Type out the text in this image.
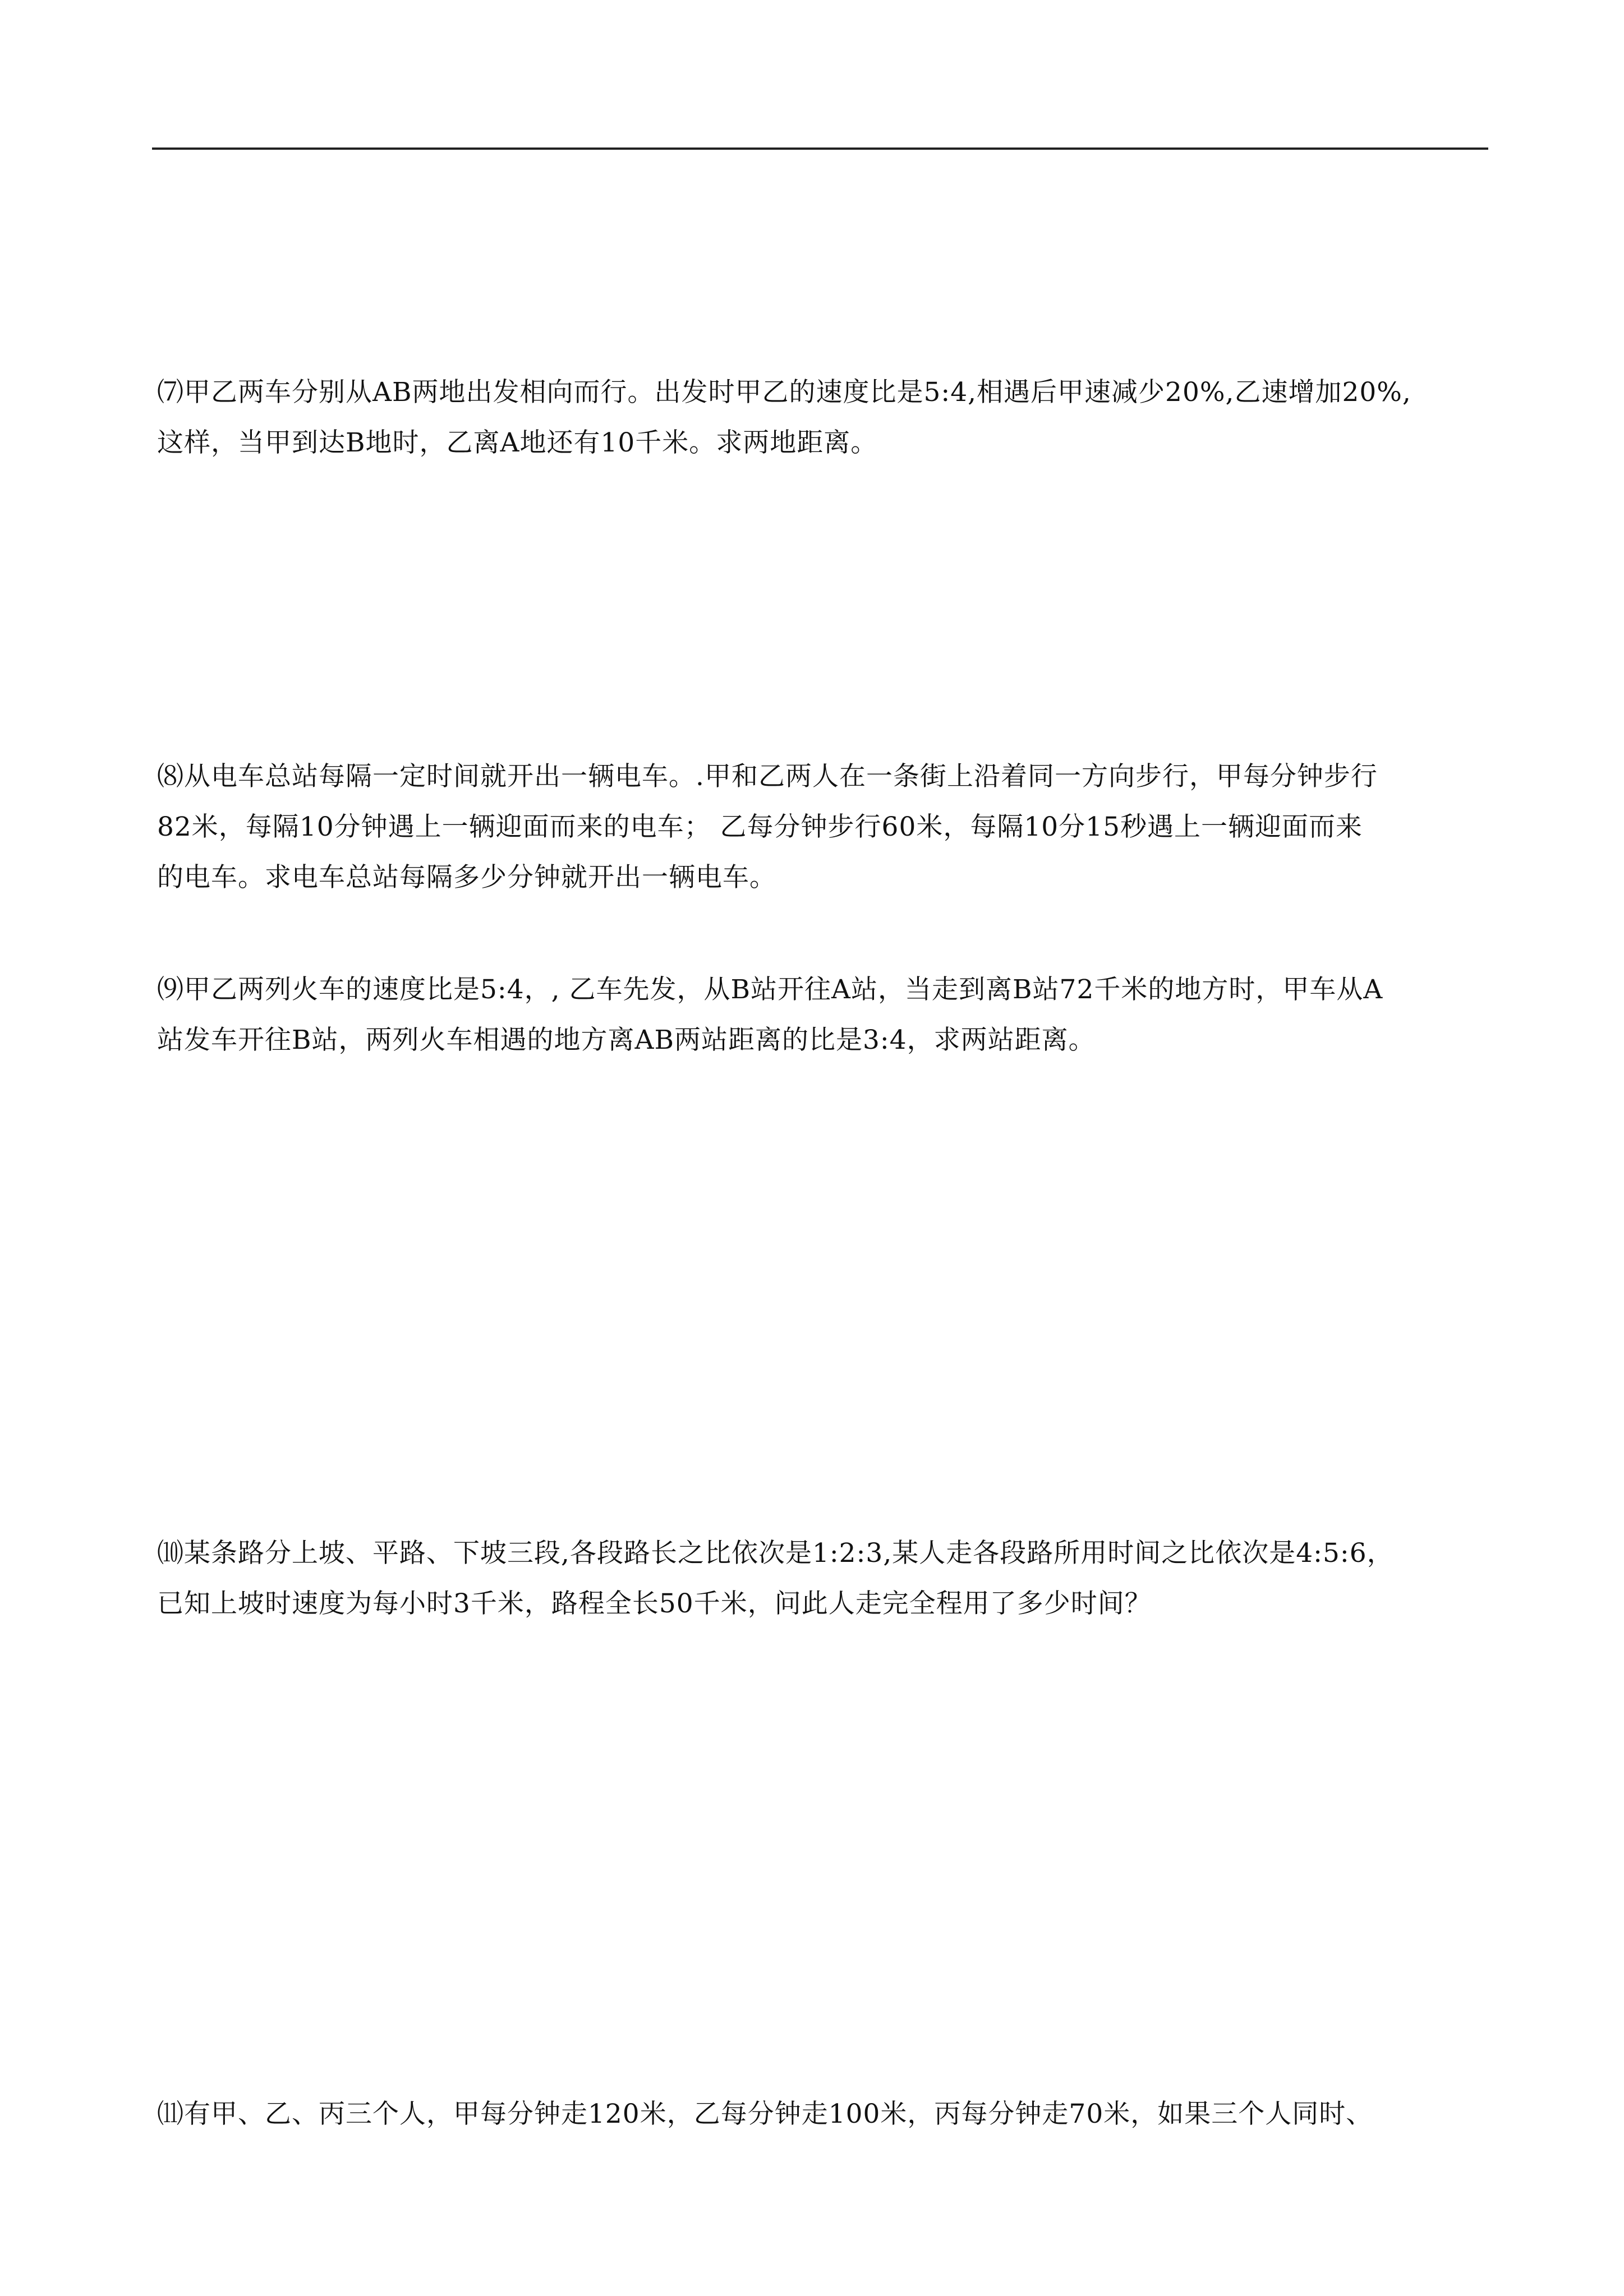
⑺甲乙两车分别从AB两地出发相向而行。出发时甲乙的速度比是5:4,相遇后甲速减少20%,乙速增加20%,
这样，当甲到达B地时，乙离A地还有10千米。求两地距离。

⑻从电车总站每隔一定时间就开出一辆电车。.甲和乙两人在一条街上沿着同一方向步行，甲每分钟步行
82米，每隔10分钟遇上一辆迎面而来的电车； 乙每分钟步行60米，每隔10分15秒遇上一辆迎面而来
的电车。求电车总站每隔多少分钟就开出一辆电车。

⑼甲乙两列火车的速度比是5:4，, 乙车先发，从B站开往A站，当走到离B站72千米的地方时，甲车从A
站发车开往B站，两列火车相遇的地方离AB两站距离的比是3:4，求两站距离。

⑽某条路分上坡、平路、下坡三段,各段路长之比依次是1:2:3,某人走各段路所用时间之比依次是4:5:6，
已知上坡时速度为每小时3千米，路程全长50千米，问此人走完全程用了多少时间？

⑾有甲、乙、丙三个人，甲每分钟走120米，乙每分钟走100米，丙每分钟走70米，如果三个人同时、
